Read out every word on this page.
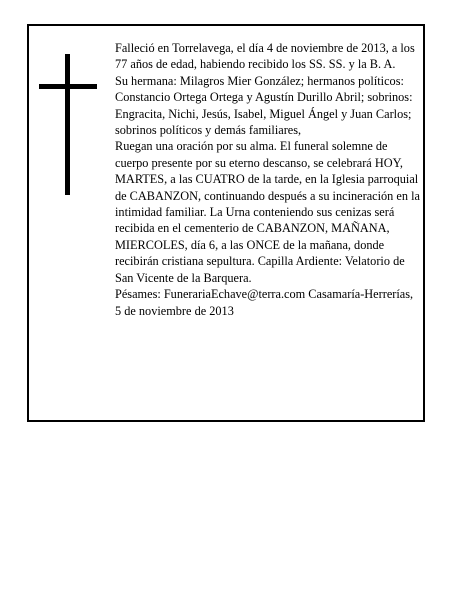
Falleció en Torrelavega, el día 4 de noviembre de 2013, a los 77 años de edad, habiendo recibido los SS. SS. y la B. A.

Su hermana: Milagros Mier González; hermanos políticos: Constancio Ortega Ortega y Agustín Durillo Abril; sobrinos: Engracita, Nichi, Jesús, Isabel, Miguel Ángel y Juan Carlos; sobrinos políticos y demás familiares,

Ruegan una oración por su alma. El funeral solemne de cuerpo presente por su eterno descanso, se celebrará HOY, MARTES, a las CUATRO de la tarde, en la Iglesia parroquial de CABANZON, continuando después a su incineración en la intimidad familiar. La Urna conteniendo sus cenizas será recibida en el cementerio de CABANZON, MAÑANA, MIERCOLES, día 6, a las ONCE de la mañana, donde recibirán cristiana sepultura. Capilla Ardiente: Velatorio de San Vicente de la Barquera.

Pésames: FunerariaEchave@terra.com Casamaría-Herrerías, 5 de noviembre de 2013
